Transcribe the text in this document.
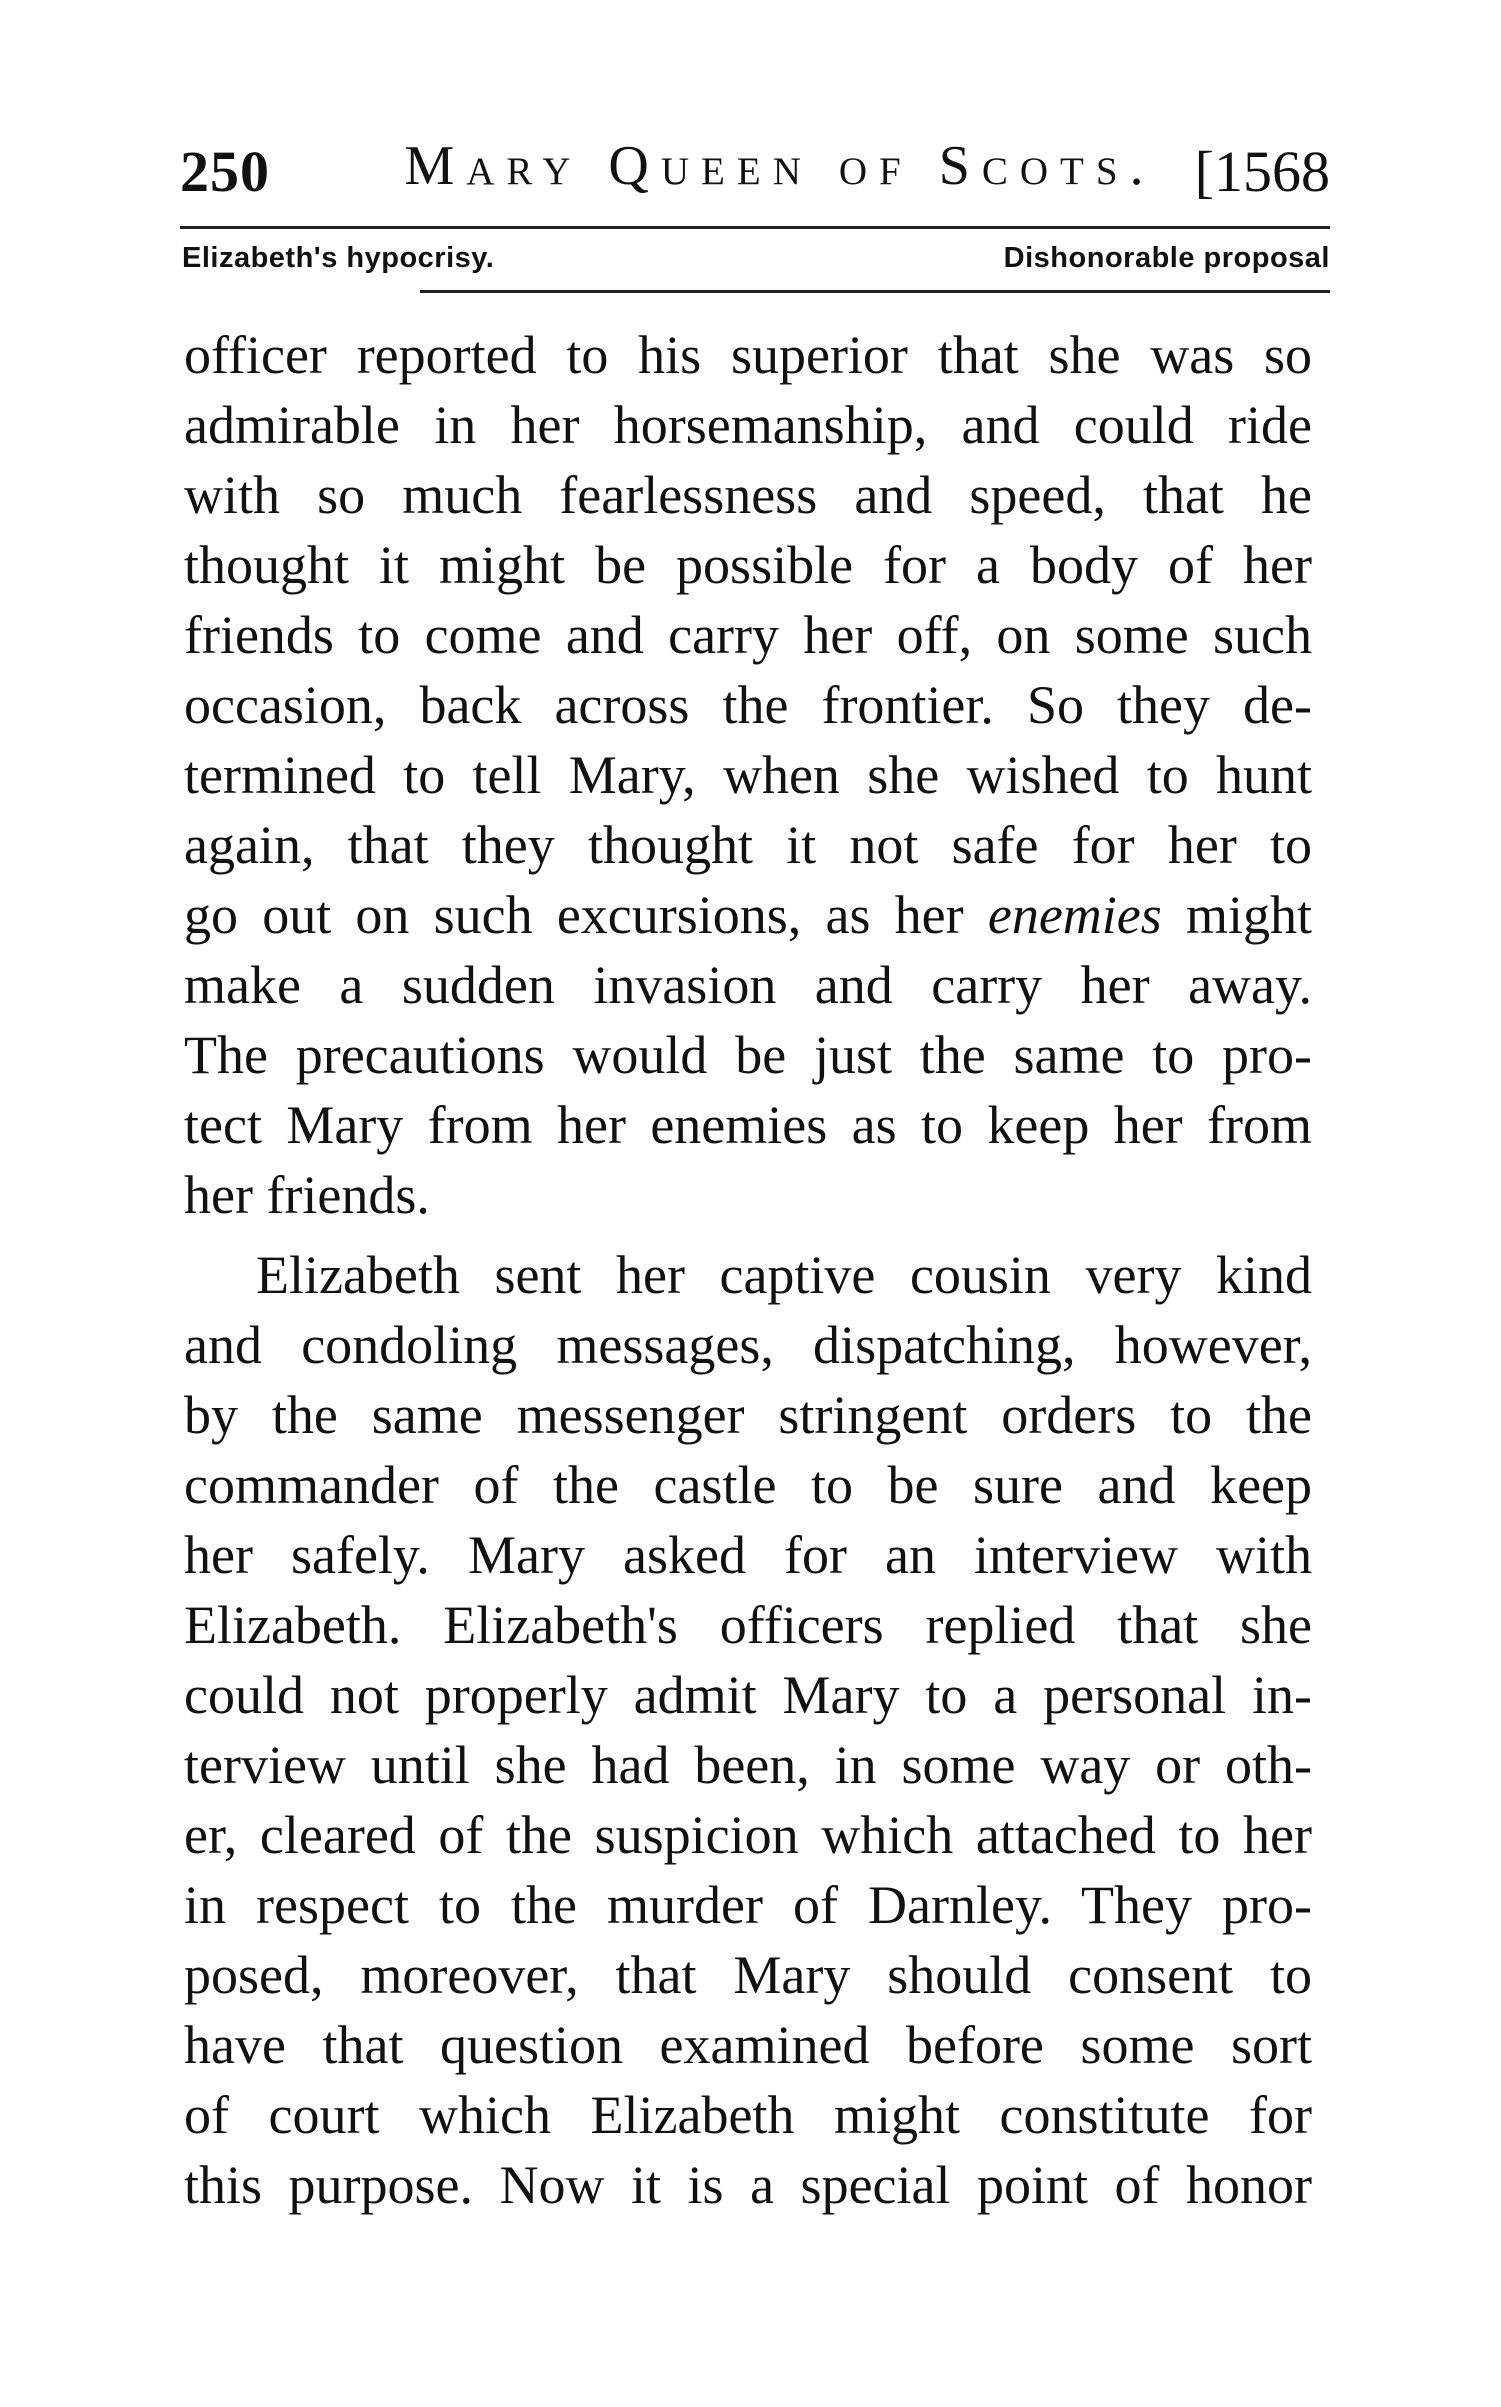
250 Mary Queen of Scots. [1568
Elizabeth's hypocrisy.	Dishonorable proposal
officer reported to his superior that she was so
admirable in her horsemanship, and could ride
with so much fearlessness and speed, that he
thought it might be possible for a body of her
friends to come and carry her off, on some such
occasion, back across the frontier. So they de-
termined to tell Mary, when she wished to hunt
again, that they thought it not safe for her to
go out on such excursions, as her enemies might
make a sudden invasion and carry her away.
The precautions would be just the same to pro-
tect Mary from her enemies as to keep her from
her friends.
Elizabeth sent her captive cousin very kind
and condoling messages, dispatching, however,
by the same messenger stringent orders to the
commander of the castle to be sure and keep
her safely. Mary asked for an interview with
Elizabeth. Elizabeth's officers replied that she
could not properly admit Mary to a personal in-
terview until she had been, in some way or oth-
er, cleared of the suspicion which attached to her
in respect to the murder of Darnley. They pro-
posed, moreover, that Mary should consent to
have that question examined before some sort
of court which Elizabeth might constitute for
this purpose. Now it is a special point of honor
